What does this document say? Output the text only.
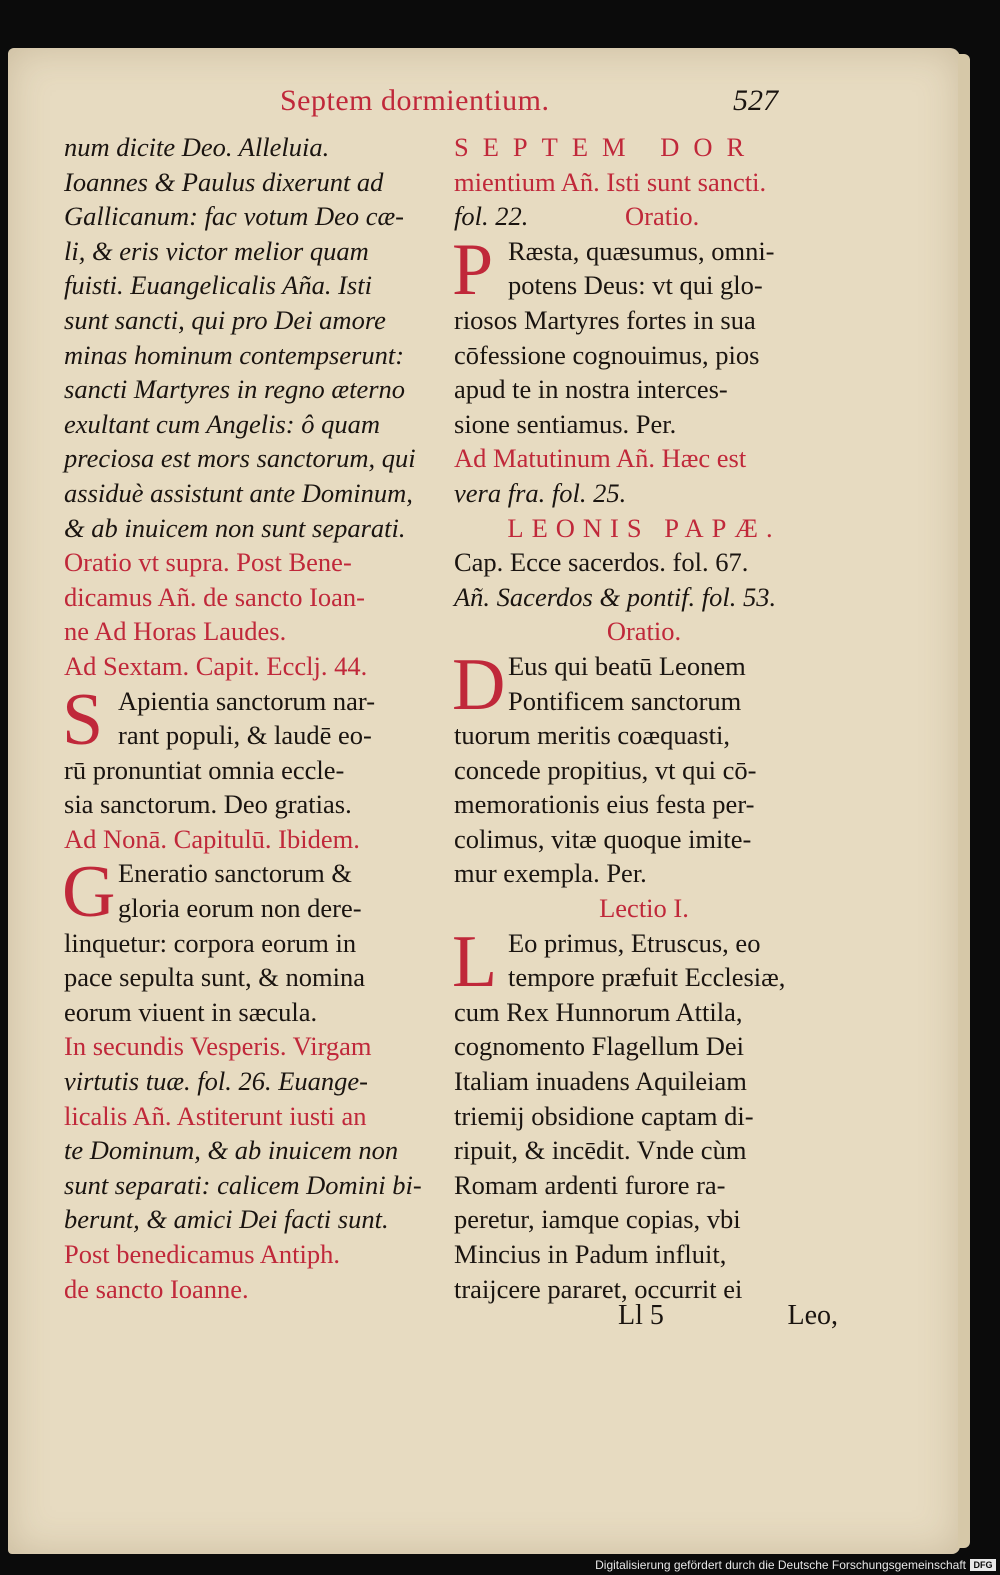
Septem dormientium.	527
num dicite Deo. Alleluia.
Ioannes & Paulus dixerunt ad
Gallicanum: fac votum Deo cæ-
li, & eris victor melior quam
fuisti. Euangelicalis Aña. Isti
sunt sancti, qui pro Dei amore
minas hominum contempserunt:
sancti Martyres in regno æterno
exultant cum Angelis: ô quam
preciosa est mors sanctorum, qui
assiduè assistunt ante Dominum,
& ab inuicem non sunt separati.
Oratio vt supra. Post Bene-
dicamus Añ. de sancto Ioan-
ne Ad Horas Laudes.
Ad Sextam. Capit. Ecclj. 44.
S Apientia sanctorum nar-
rant populi, & laudē eo-
rū pronuntiat omnia eccle-
sia sanctorum. Deo gratias.
Ad Nonā. Capitulū. Ibidem.
G Eneratio sanctorum &
gloria eorum non dere-
linquetur: corpora eorum in
pace sepulta sunt, & nomina
eorum viuent in sæcula.
In secundis Vesperis. Virgam
virtutis tuæ. fol. 26. Euange-
licalis Añ. Astiterunt iusti an
te Dominum, & ab inuicem non
sunt separati: calicem Domini bi-
berunt, & amici Dei facti sunt.
Post benedicamus Antiph.
de sancto Ioanne.
SEPTEM DOR
mientium Añ. Isti sunt sancti.
fol. 22.	Oratio.
P Ræsta, quæsumus, omni-
potens Deus: vt qui glo-
riosos Martyres fortes in sua
cōfessione cognouimus, pios
apud te in nostra interces-
sione sentiamus. Per.
Ad Matutinum Añ. Hæc est
vera fra. fol. 25.
LEONIS PAPÆ.
Cap. Ecce sacerdos. fol. 67.
Añ. Sacerdos & pontif. fol. 53.
Oratio.
D Eus qui beatū Leonem
Pontificem sanctorum
tuorum meritis coæquasti,
concede propitius, vt qui cō-
memorationis eius festa per-
colimus, vitæ quoque imite-
mur exempla. Per.
Lectio I.
L Eo primus, Etruscus, eo
tempore præfuit Ecclesiæ,
cum Rex Hunnorum Attila,
cognomento Flagellum Dei
Italiam inuadens Aquileiam
triemij obsidione captam di-
ripuit, & incēdit. Vnde cùm
Romam ardenti furore ra-
peretur, iamque copias, vbi
Mincius in Padum influit,
traijcere pararet, occurrit ei
Ll 5	Leo,
Digitalisierung gefördert durch die Deutsche Forschungsgemeinschaft DFG
